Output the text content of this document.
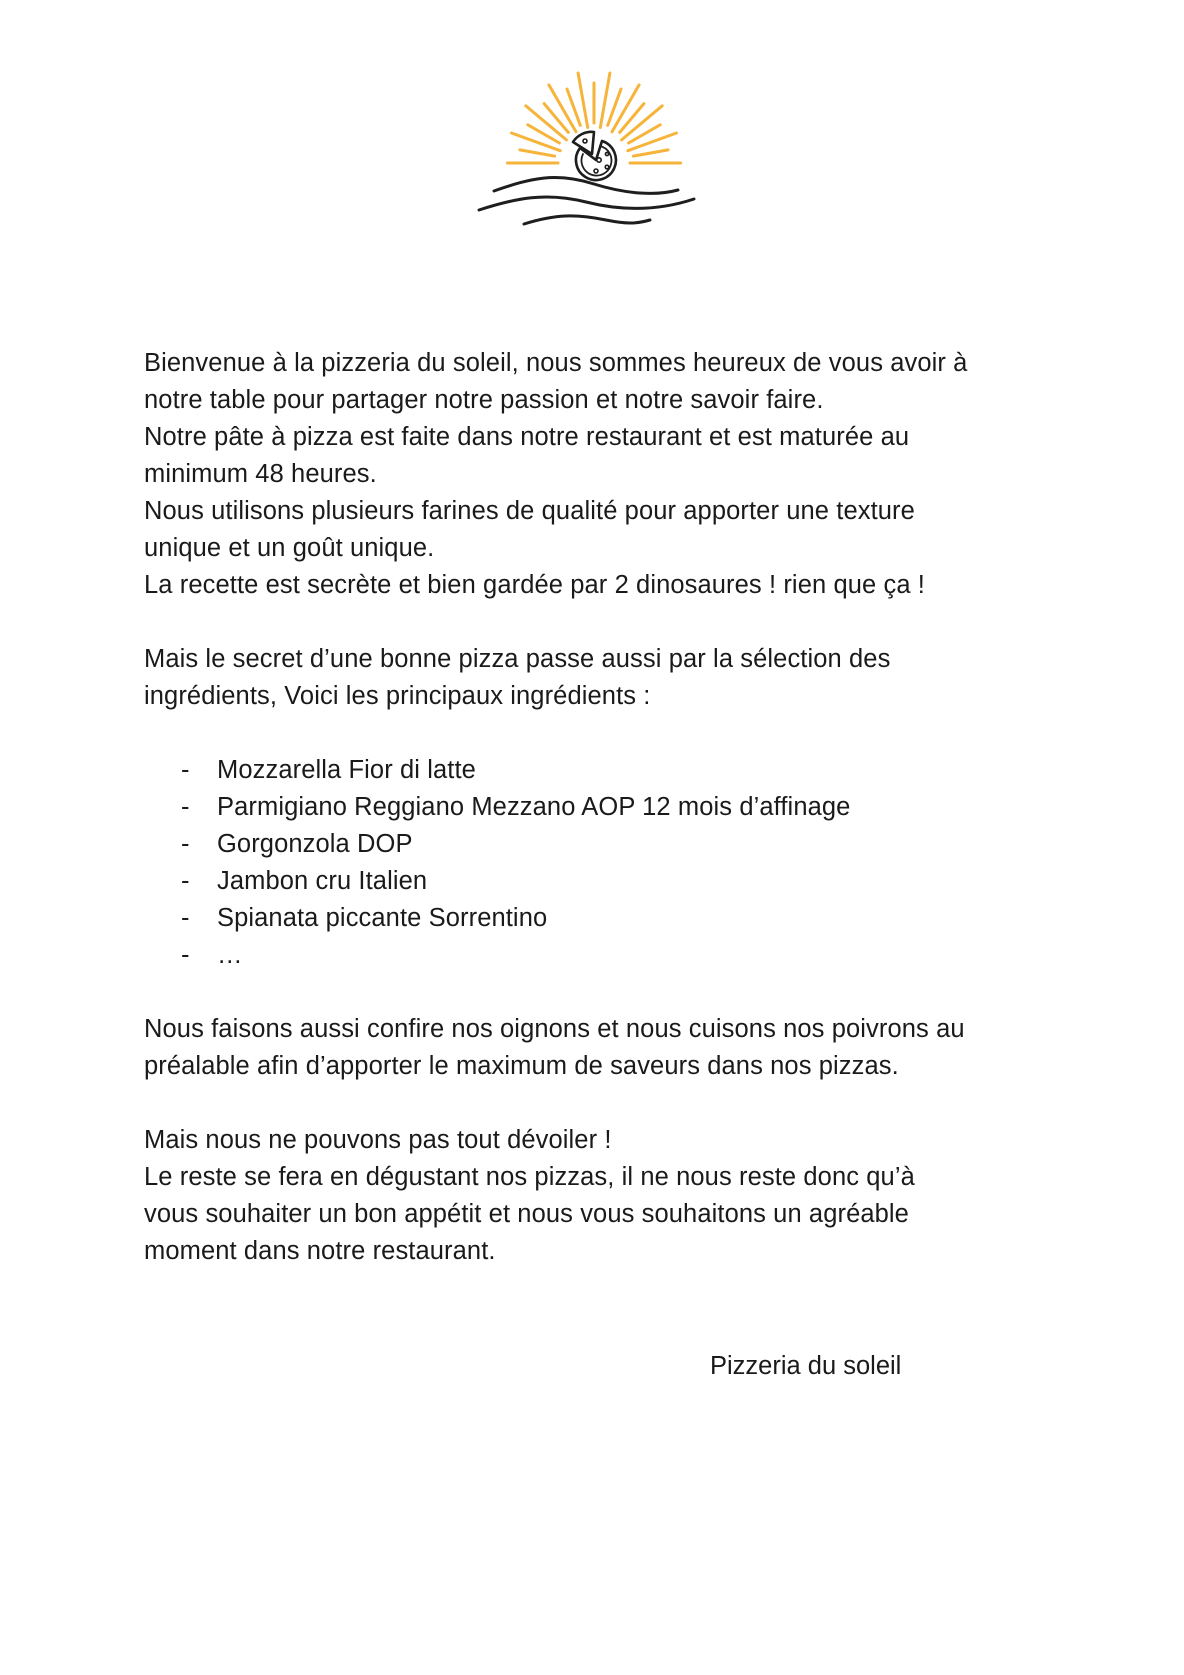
Bienvenue à la pizzeria du soleil, nous sommes heureux de vous avoir à
notre table pour partager notre passion et notre savoir faire.
Notre pâte à pizza est faite dans notre restaurant et est maturée au
minimum 48 heures.
Nous utilisons plusieurs farines de qualité pour apporter une texture
unique et un goût unique.
La recette est secrète et bien gardée par 2 dinosaures ! rien que ça !

Mais le secret d’une bonne pizza passe aussi par la sélection des
ingrédients, Voici les principaux ingrédients :

- Mozzarella Fior di latte
- Parmigiano Reggiano Mezzano AOP 12 mois d’affinage
- Gorgonzola DOP
- Jambon cru Italien
- Spianata piccante Sorrentino
- …

Nous faisons aussi confire nos oignons et nous cuisons nos poivrons au
préalable afin d’apporter le maximum de saveurs dans nos pizzas.

Mais nous ne pouvons pas tout dévoiler !
Le reste se fera en dégustant nos pizzas, il ne nous reste donc qu’à
vous souhaiter un bon appétit et nous vous souhaitons un agréable
moment dans notre restaurant.

Pizzeria du soleil
